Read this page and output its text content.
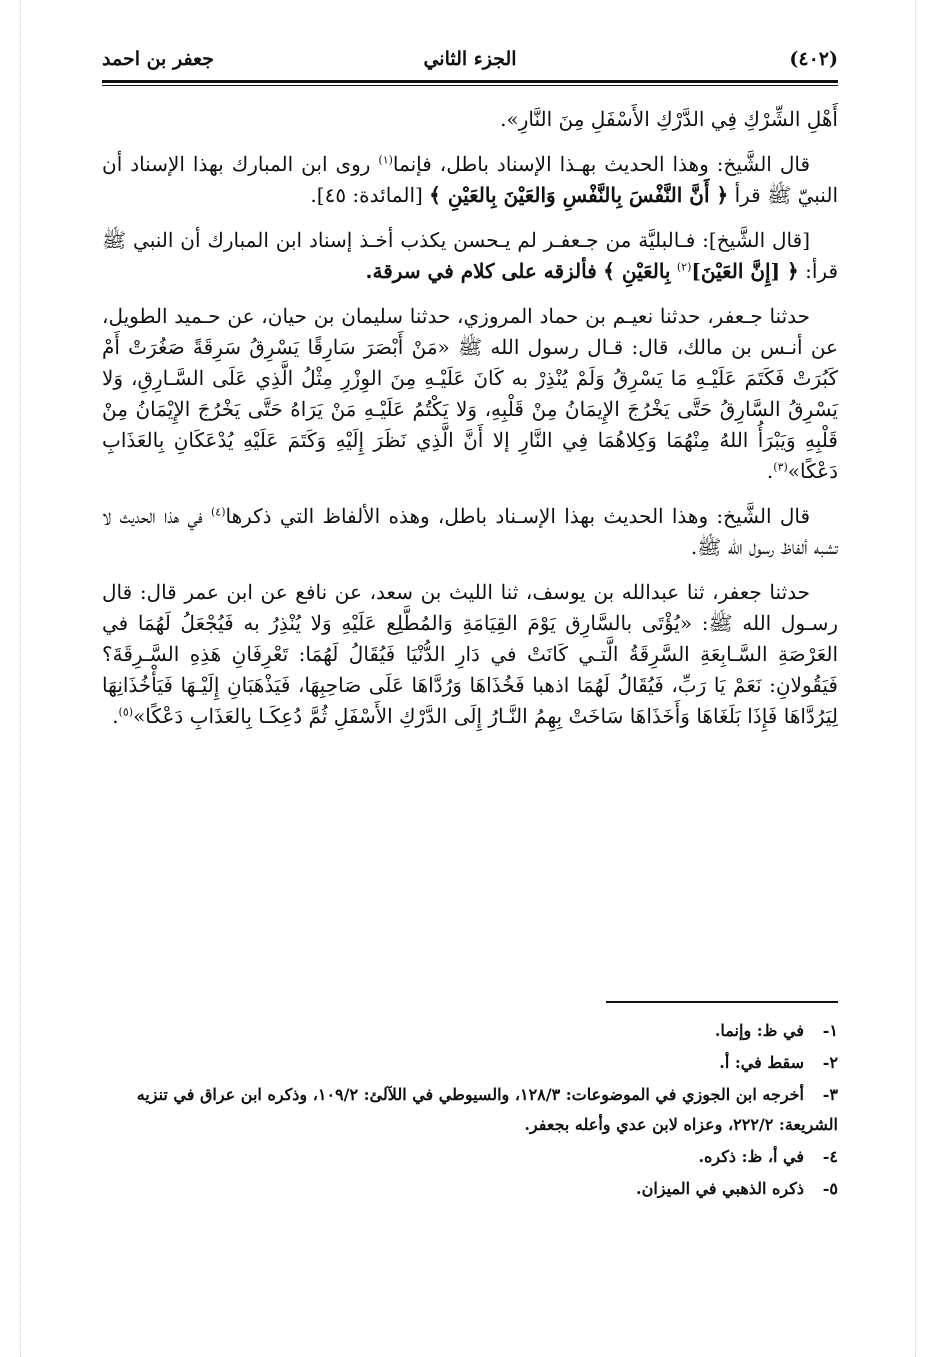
(٤٠٢)
الجزء الثاني
جعفر بن احمد

أَهْلِ الشِّرْكِ فِي الدَّرْكِ الأَسْفَلِ مِنَ النَّارِ».

قال الشَّيخ: وهذا الحديث بهـذا الإسناد باطل، فإنما$^{(١)}$ روى ابن المبارك بهذا الإسناد أن النبيّ ﷺ قرأ ﴿ أَنَّ النَّفْسَ بِالنَّفْسِ وَالعَيْنَ بِالعَيْنِ ﴾ [المائدة: ٤٥].

[قال الشَّيخ]: فـالبليَّة من جـعفـر لم يـحسن يكذب أخـذ إسناد ابن المبارك أن النبي ﷺ قرأ: ﴿ [إِنَّ العَيْنَ]$^{(٢)}$ بِالعَيْنِ ﴾ فألزقه على كلام في سرقة.

حدثنا جـعفر، حدثنا نعيـم بن حماد المروزي، حدثنا سليمان بن حيان، عن حـميد الطويل، عن أنـس بن مالك، قال: قـال رسول الله ﷺ «مَنْ أَبْصَرَ سَارِقًا يَسْرِقُ سَرِقَةً صَغُرَتْ أَمْ كَبُرَتْ فَكَتَمَ عَلَيْـهِ مَا يَسْرِقُ وَلَمْ يُنْذِرْ به كَانَ عَلَيْـهِ مِنَ الوِزْرِ مِثْلُ الَّذِي عَلَى السَّـارِقِ، وَلا يَسْرِقُ السَّارِقُ حَتَّى يَخْرُجَ الإِيمَانُ مِنْ قَلْبِهِ، وَلا يَكْتُمُ عَلَيْـهِ مَنْ يَرَاهُ حَتَّى يَخْرُجَ الإِيْمَانُ مِنْ قَلْبِهِ وَيَبْرَأُ اللهُ مِنْهُمَا وَكِلاهُمَا فِي النَّارِ إلا أَنَّ الَّذِي نَظَرَ إِلَيْهِ وَكَتَمَ عَلَيْهِ يُدْعَكَانِ بِالعَذَابِ دَعْكًا»$^{(٣)}$.

قال الشَّيخ: وهذا الحديث بهذا الإسـناد باطل، وهذه الألفاظ التي ذكرها$^{(٤)}$ في هذا الحديث لا تشبه ألفاظ رسول الله ﷺ.

حدثنا جعفر، ثنا عبدالله بن يوسف، ثنا الليث بن سعد، عن نافع عن ابن عمر قال: قال رسـول الله ﷺ: «يُؤْتَى بالسَّارِق يَوْمَ القِيَامَةِ وَالمُطَّلِع عَلَيْهِ وَلا يُنْذِرُ به فَيُجْعَلُ لَهُمَا في العَرْصَةِ السَّـابِعَةِ السَّرِقَةُ الَّتـي كَانَتْ في دَارِ الدُّنْيَا فَيُقَالُ لَهُمَا: تَعْرِفَانِ هَذِهِ السَّـرِقَةَ؟ فَيَقُولانِ: نَعَمْ يَا رَبِّ، فَيُقَالُ لَهُمَا اذهبا فَخُذَاهَا وَرُدَّاهَا عَلَى صَاحِبِهَا، فَيَذْهَبَانِ إِلَيْـهَا فَيَأْخُذَانِهَا لِيَرُدَّاهَا فَإِذَا بَلَغَاهَا وَأَخَذَاهَا سَاخَتْ بِهِمُ النَّـارُ إِلَى الدَّرْكِ الأَسْفَلِ ثُمَّ دُعِكَـا بِالعَذَابِ دَعْكًا»$^{(٥)}$.

١-في ظ: وإنما.
٢-سقط في: أ.
٣-أخرجه ابن الجوزي في الموضوعات: ١٢٨/٣، والسيوطي في اللآلئ: ١٠٩/٢، وذكره ابن عراق في تنزيه الشريعة: ٢٢٢/٢، وعزاه لابن عدي وأعله بجعفر.
٤-في أ، ظ: ذكره.
٥-ذكره الذهبي في الميزان.
